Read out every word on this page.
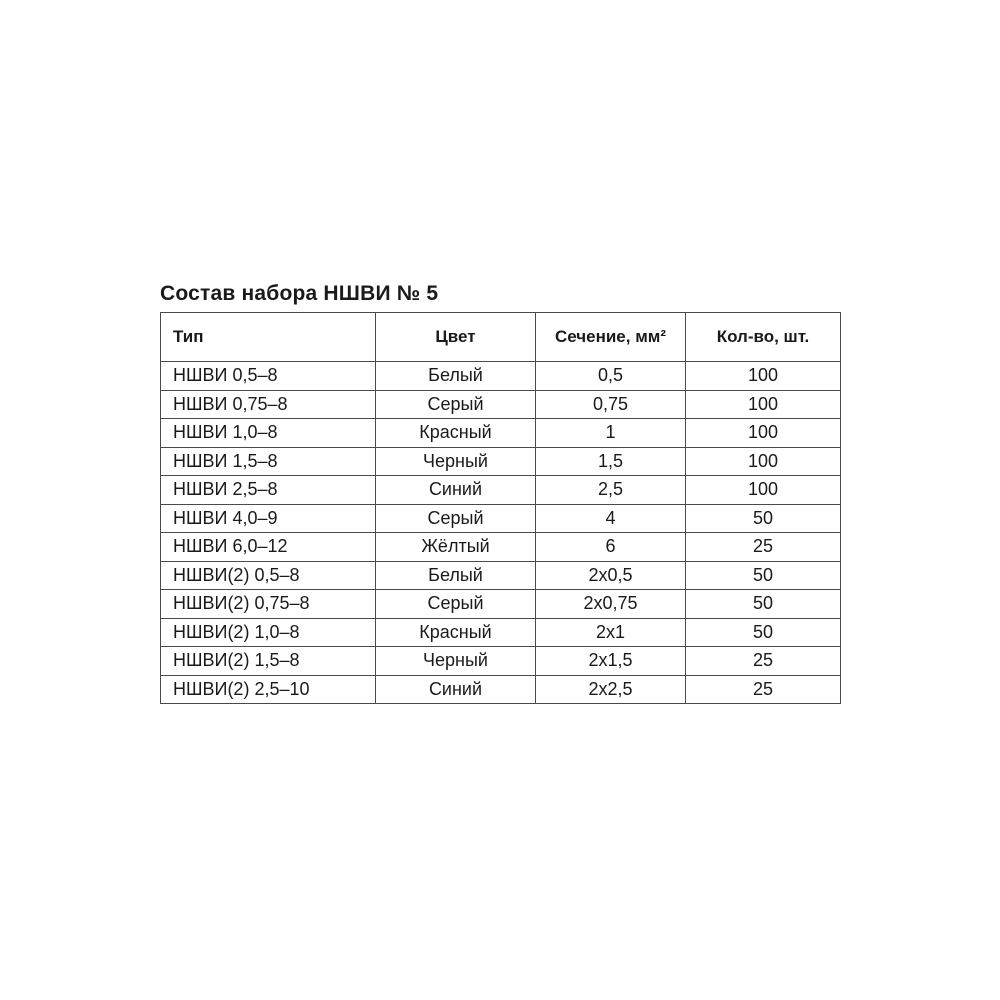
Состав набора НШВИ № 5
Тип	Цвет	Сечение, мм²	Кол-во, шт.
НШВИ 0,5–8	Белый	0,5	100
НШВИ 0,75–8	Серый	0,75	100
НШВИ 1,0–8	Красный	1	100
НШВИ 1,5–8	Черный	1,5	100
НШВИ 2,5–8	Синий	2,5	100
НШВИ 4,0–9	Серый	4	50
НШВИ 6,0–12	Жёлтый	6	25
НШВИ(2) 0,5–8	Белый	2x0,5	50
НШВИ(2) 0,75–8	Серый	2x0,75	50
НШВИ(2) 1,0–8	Красный	2x1	50
НШВИ(2) 1,5–8	Черный	2x1,5	25
НШВИ(2) 2,5–10	Синий	2x2,5	25
